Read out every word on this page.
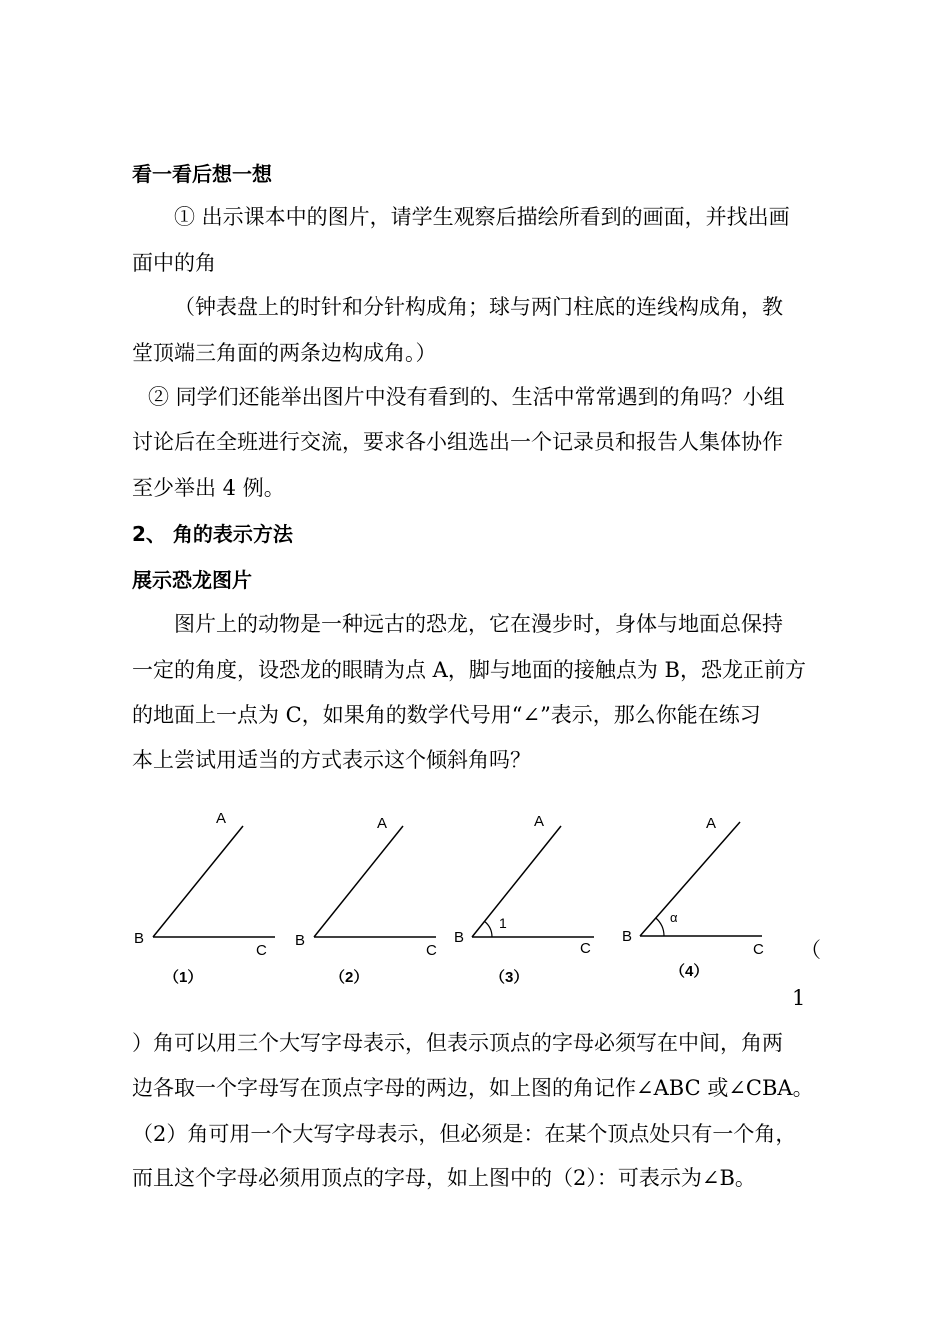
看一看后想一想
① 出示课本中的图片，请学生观察后描绘所看到的画面，并找出画
面中的角
（钟表盘上的时针和分针构成角；球与两门柱底的连线构成角，教
堂顶端三角面的两条边构成角。）
② 同学们还能举出图片中没有看到的、生活中常常遇到的角吗？小组
讨论后在全班进行交流，要求各小组选出一个记录员和报告人集体协作
至少举出 4 例。
2、 角的表示方法
展示恐龙图片
图片上的动物是一种远古的恐龙，它在漫步时，身体与地面总保持
一定的角度，设恐龙的眼睛为点 A，脚与地面的接触点为 B，恐龙正前方
的地面上一点为 C，如果角的数学代号用“∠”表示，那么你能在练习
本上尝试用适当的方式表示这个倾斜角吗？
A
B
C
（1）
A
B
C
（2）
A
B
C
1
（3）
A
B
C
α
（4）
（
1
）角可以用三个大写字母表示，但表示顶点的字母必须写在中间，角两
边各取一个字母写在顶点字母的两边，如上图的角记作∠ABC 或∠CBA。
（2）角可用一个大写字母表示，但必须是：在某个顶点处只有一个角，
而且这个字母必须用顶点的字母，如上图中的（2）：可表示为∠B。
